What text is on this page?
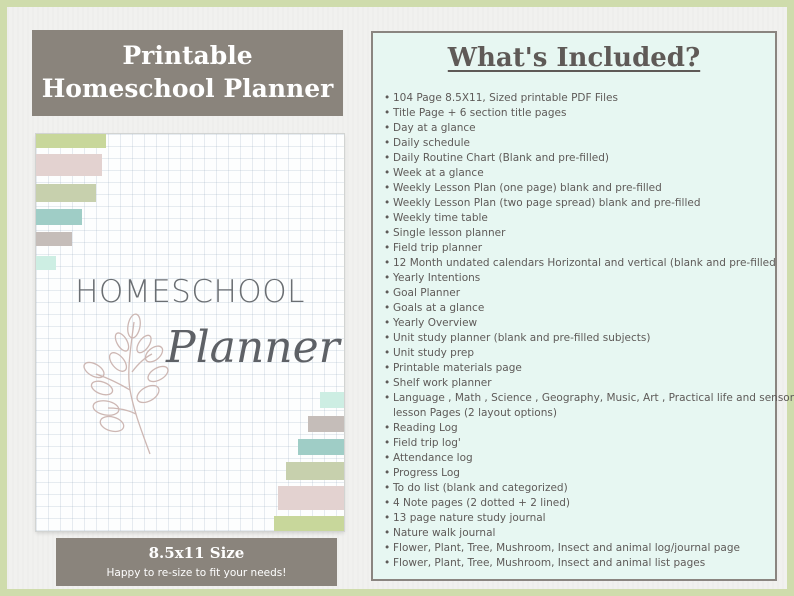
Printable
Homeschool Planner
HOMESCHOOL
Planner
8.5x11 Size
Happy to re-size to fit your needs!
What's Included?
• 104 Page 8.5X11, Sized printable PDF Files
• Title Page + 6 section title pages
• Day at a glance
• Daily schedule
• Daily Routine Chart (Blank and pre-filled)
• Week at a glance
• Weekly Lesson Plan (one page) blank and pre-filled
• Weekly Lesson Plan (two page spread) blank and pre-filled
• Weekly time table
• Single lesson planner
• Field trip planner
• 12 Month undated calendars Horizontal and vertical (blank and pre-filled
• Yearly Intentions
• Goal Planner
• Goals at a glance
• Yearly Overview
• Unit study planner (blank and pre-filled subjects)
• Unit study prep
• Printable materials page
• Shelf work planner
• Language , Math , Science , Geography, Music, Art , Practical life and sensor
lesson Pages (2 layout options)
• Reading Log
• Field trip log'
• Attendance log
• Progress Log
• To do list (blank and categorized)
• 4 Note pages (2 dotted + 2 lined)
• 13 page nature study journal
• Nature walk journal
• Flower, Plant, Tree, Mushroom, Insect and animal log/journal page
• Flower, Plant, Tree, Mushroom, Insect and animal list pages
